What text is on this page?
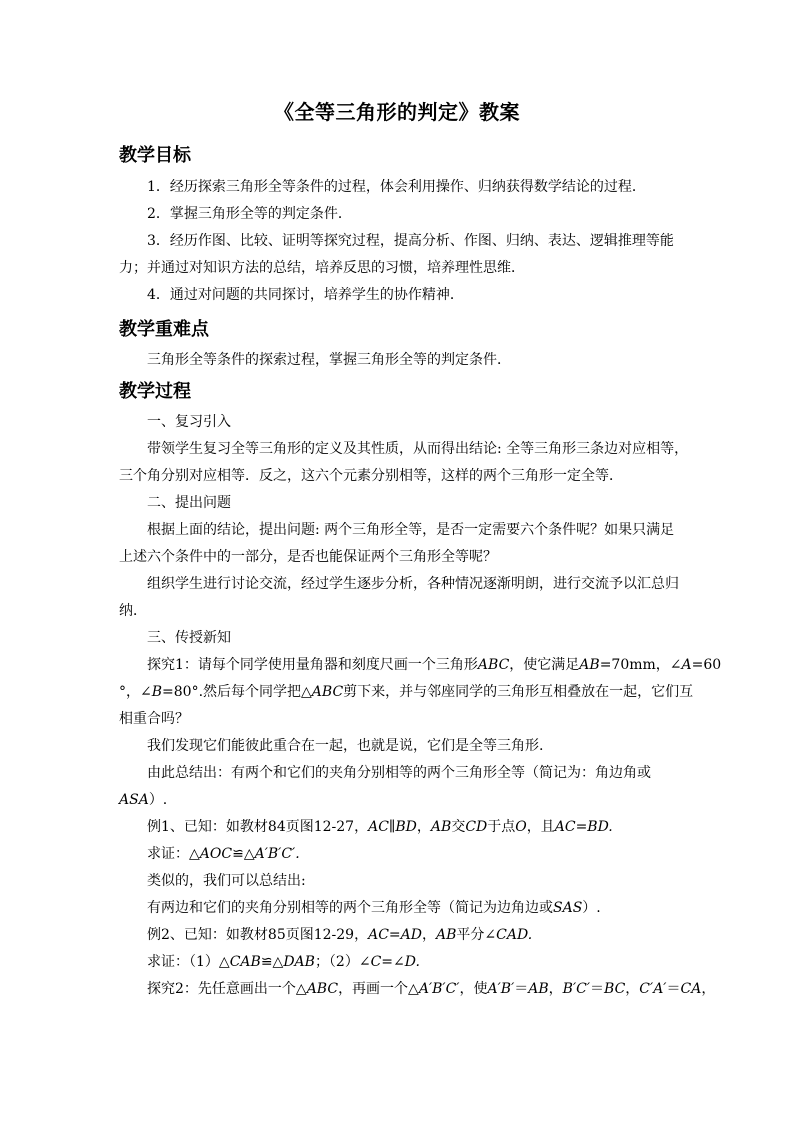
《全等三角形的判定》教案
教学目标
1．经历探索三角形全等条件的过程，体会利用操作、归纳获得数学结论的过程．
2．掌握三角形全等的判定条件．
3．经历作图、比较、证明等探究过程，提高分析、作图、归纳、表达、逻辑推理等能
力；并通过对知识方法的总结，培养反思的习惯，培养理性思维．
4．通过对问题的共同探讨，培养学生的协作精神．
教学重难点
三角形全等条件的探索过程，掌握三角形全等的判定条件．
教学过程
一、复习引入
带领学生复习全等三角形的定义及其性质，从而得出结论: 全等三角形三条边对应相等，
三个角分别对应相等．反之，这六个元素分别相等，这样的两个三角形一定全等．
二、提出问题
根据上面的结论，提出问题: 两个三角形全等，是否一定需要六个条件呢？如果只满足
上述六个条件中的一部分，是否也能保证两个三角形全等呢？
组织学生进行讨论交流，经过学生逐步分析，各种情况逐渐明朗，进行交流予以汇总归
纳．
三、传授新知
探究1：请每个同学使用量角器和刻度尺画一个三角形ABC，使它满足AB=70mm，∠A=60
°，∠B=80°.然后每个同学把△ABC剪下来，并与邻座同学的三角形互相叠放在一起，它们互
相重合吗？
我们发现它们能彼此重合在一起，也就是说，它们是全等三角形.
由此总结出：有两个和它们的夹角分别相等的两个三角形全等（简记为：角边角或
ASA）.
例1、已知：如教材84页图12-27，AC∥BD，AB交CD于点O，且AC=BD.
求证：△AOC≌△A′B′C′.
类似的，我们可以总结出:
有两边和它们的夹角分别相等的两个三角形全等（简记为边角边或SAS）.
例2、已知：如教材85页图12-29，AC=AD，AB平分∠CAD.
求证：（1）△CAB≌△DAB；（2）∠C=∠D.
探究2：先任意画出一个△ABC，再画一个△A′B′C′，使A′B′＝AB，B′C′＝BC，C′A′＝CA，
